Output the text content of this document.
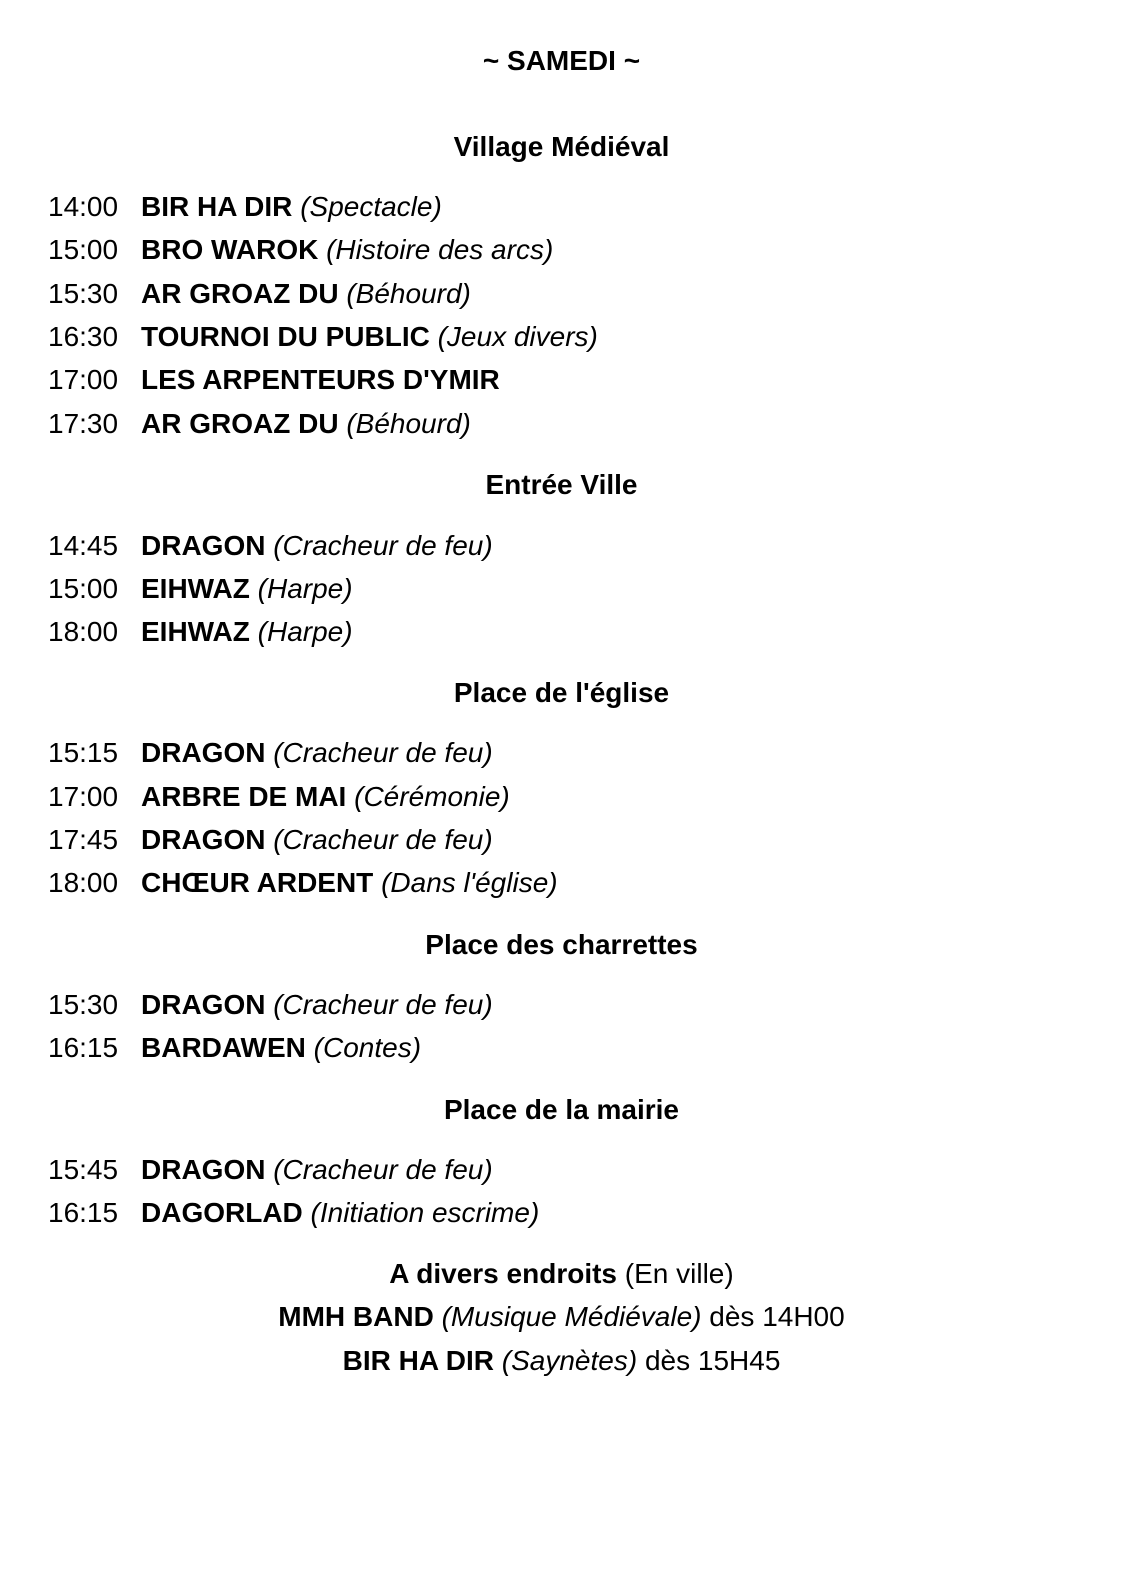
~ SAMEDI ~
Village Médiéval
14:00 BIR HA DIR (Spectacle)
15:00 BRO WAROK (Histoire des arcs)
15:30 AR GROAZ DU (Béhourd)
16:30 TOURNOI DU PUBLIC (Jeux divers)
17:00 LES ARPENTEURS D'YMIR
17:30 AR GROAZ DU (Béhourd)
Entrée Ville
14:45 DRAGON (Cracheur de feu)
15:00 EIHWAZ (Harpe)
18:00 EIHWAZ (Harpe)
Place de l'église
15:15 DRAGON (Cracheur de feu)
17:00 ARBRE DE MAI (Cérémonie)
17:45 DRAGON (Cracheur de feu)
18:00 CHŒUR ARDENT (Dans l'église)
Place des charrettes
15:30 DRAGON (Cracheur de feu)
16:15 BARDAWEN (Contes)
Place de la mairie
15:45 DRAGON (Cracheur de feu)
16:15 DAGORLAD (Initiation escrime)
A divers endroits (En ville)
MMH BAND (Musique Médiévale) dès 14H00
BIR HA DIR (Saynètes) dès 15H45
